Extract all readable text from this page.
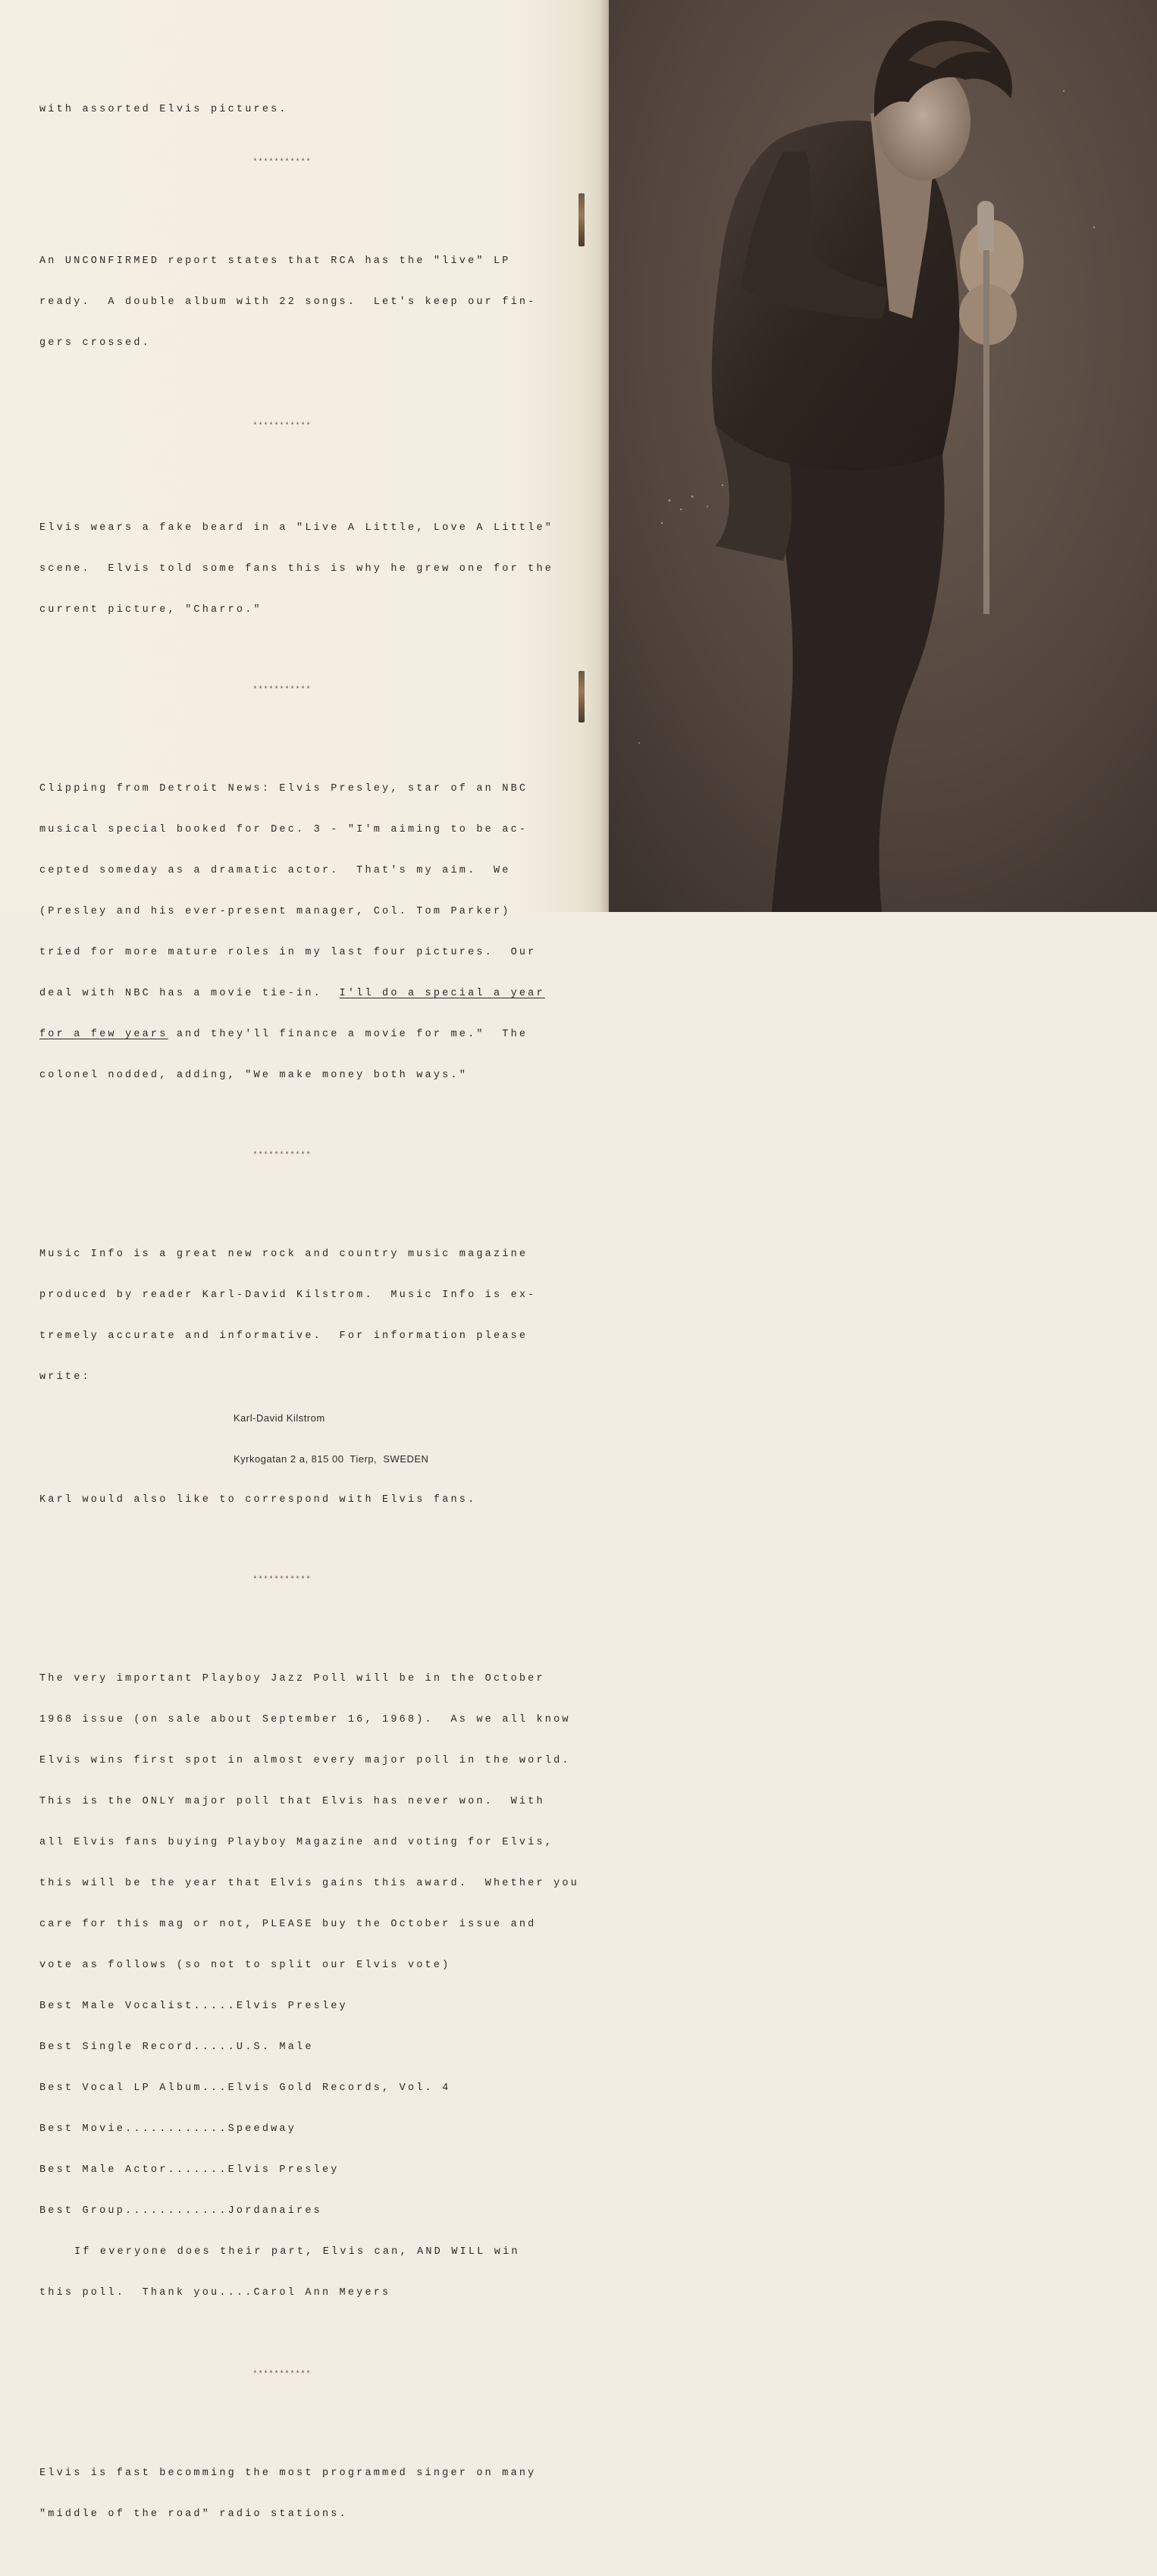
with assorted Elvis pictures.

***********

An UNCONFIRMED report states that RCA has the "live" LP

ready.  A double album with 22 songs.  Let's keep our fin-

gers crossed.

***********

Elvis wears a fake beard in a "Live A Little, Love A Little"

scene.  Elvis told some fans this is why he grew one for the

current picture, "Charro."

***********

Clipping from Detroit News: Elvis Presley, star of an NBC

musical special booked for Dec. 3 - "I'm aiming to be ac-

cepted someday as a dramatic actor.  That's my aim.  We

(Presley and his ever-present manager, Col. Tom Parker)

tried for more mature roles in my last four pictures.  Our

deal with NBC has a movie tie-in.  I'll do a special a year

for a few years and they'll finance a movie for me."  The

colonel nodded, adding, "We make money both ways."

***********

Music Info is a great new rock and country music magazine

produced by reader Karl-David Kilstrom.  Music Info is ex-

tremely accurate and informative.  For information please

write:

Karl-David Kilstrom

Kyrkogatan 2 a, 815 00  Tierp,  SWEDEN

Karl would also like to correspond with Elvis fans.

***********

The very important Playboy Jazz Poll will be in the October

1968 issue (on sale about September 16, 1968).  As we all know

Elvis wins first spot in almost every major poll in the world.

This is the ONLY major poll that Elvis has never won.  With

all Elvis fans buying Playboy Magazine and voting for Elvis,

this will be the year that Elvis gains this award.  Whether you

care for this mag or not, PLEASE buy the October issue and

vote as follows (so not to split our Elvis vote)

Best Male Vocalist.....Elvis Presley

Best Single Record.....U.S. Male

Best Vocal LP Album...Elvis Gold Records, Vol. 4

Best Movie............Speedway

Best Male Actor.......Elvis Presley

Best Group............Jordanaires

If everyone does their part, Elvis can, AND WILL win

this poll.  Thank you....Carol Ann Meyers

***********

Elvis is fast becomming the most programmed singer on many

"middle of the road" radio stations.
